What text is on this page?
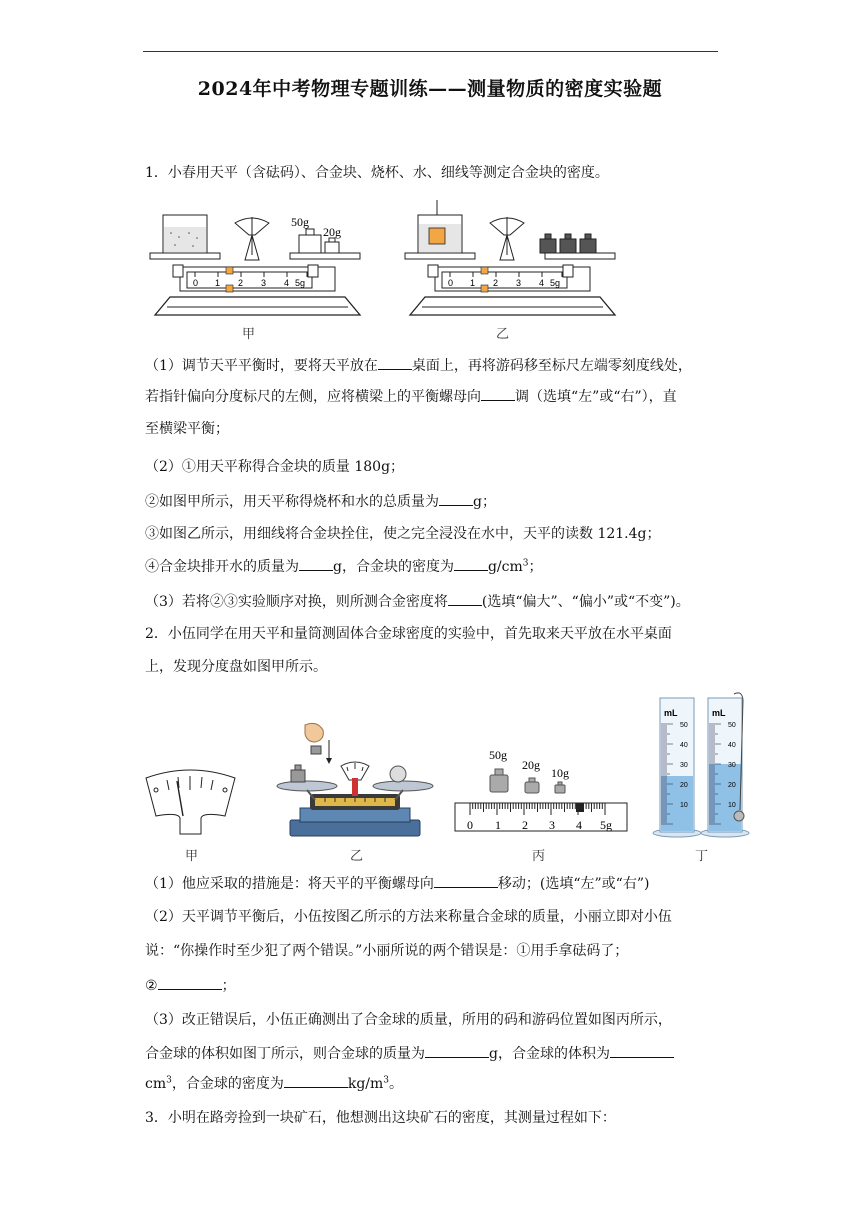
2024年中考物理专题训练——测量物质的密度实验题
1．小春用天平（含砝码）、合金块、烧杯、水、细线等测定合金块的密度。
0 1 2 3 4 5g
50g
20g
甲
0 1 2 3 4 5g
乙
（1）调节天平平衡时，要将天平放在 桌面上，再将游码移至标尺左端零刻度线处，
若指针偏向分度标尺的左侧，应将横梁上的平衡螺母向 调（选填“左”或“右”），直
至横梁平衡；
（2）①用天平称得合金块的质量 180g；
②如图甲所示，用天平称得烧杯和水的总质量为 g；
③如图乙所示，用细线将合金块拴住，使之完全浸没在水中，天平的读数 121.4g；
④合金块排开水的质量为 g，合金块的密度为 $g/cm^3$；
（3）若将②③实验顺序对换，则所测合金密度将 (选填“偏大”、“偏小”或“不变”)。
2．小伍同学在用天平和量筒测固体合金球密度的实验中，首先取来天平放在水平桌面
上，发现分度盘如图甲所示。
甲	乙
50g
20g
10g
0 1 2 3 4 5g
丙
mL
50
40
30
20
10
mL
50
40
30
20
10
丁
（1）他应采取的措施是：将天平的平衡螺母向	移动；(选填“左”或“右”)
（2）天平调节平衡后，小伍按图乙所示的方法来称量合金球的质量，小丽立即对小伍
说：“你操作时至少犯了两个错误。”小丽所说的两个错误是：①用手拿砝码了；
②	；
（3）改正错误后，小伍正确测出了合金球的质量，所用的码和游码位置如图丙所示，
合金球的体积如图丁所示，则合金球的质量为	g，合金球的体积为
$cm^3$，合金球的密度为	$kg/m^3$。
3．小明在路旁捡到一块矿石，他想测出这块矿石的密度，其测量过程如下：
